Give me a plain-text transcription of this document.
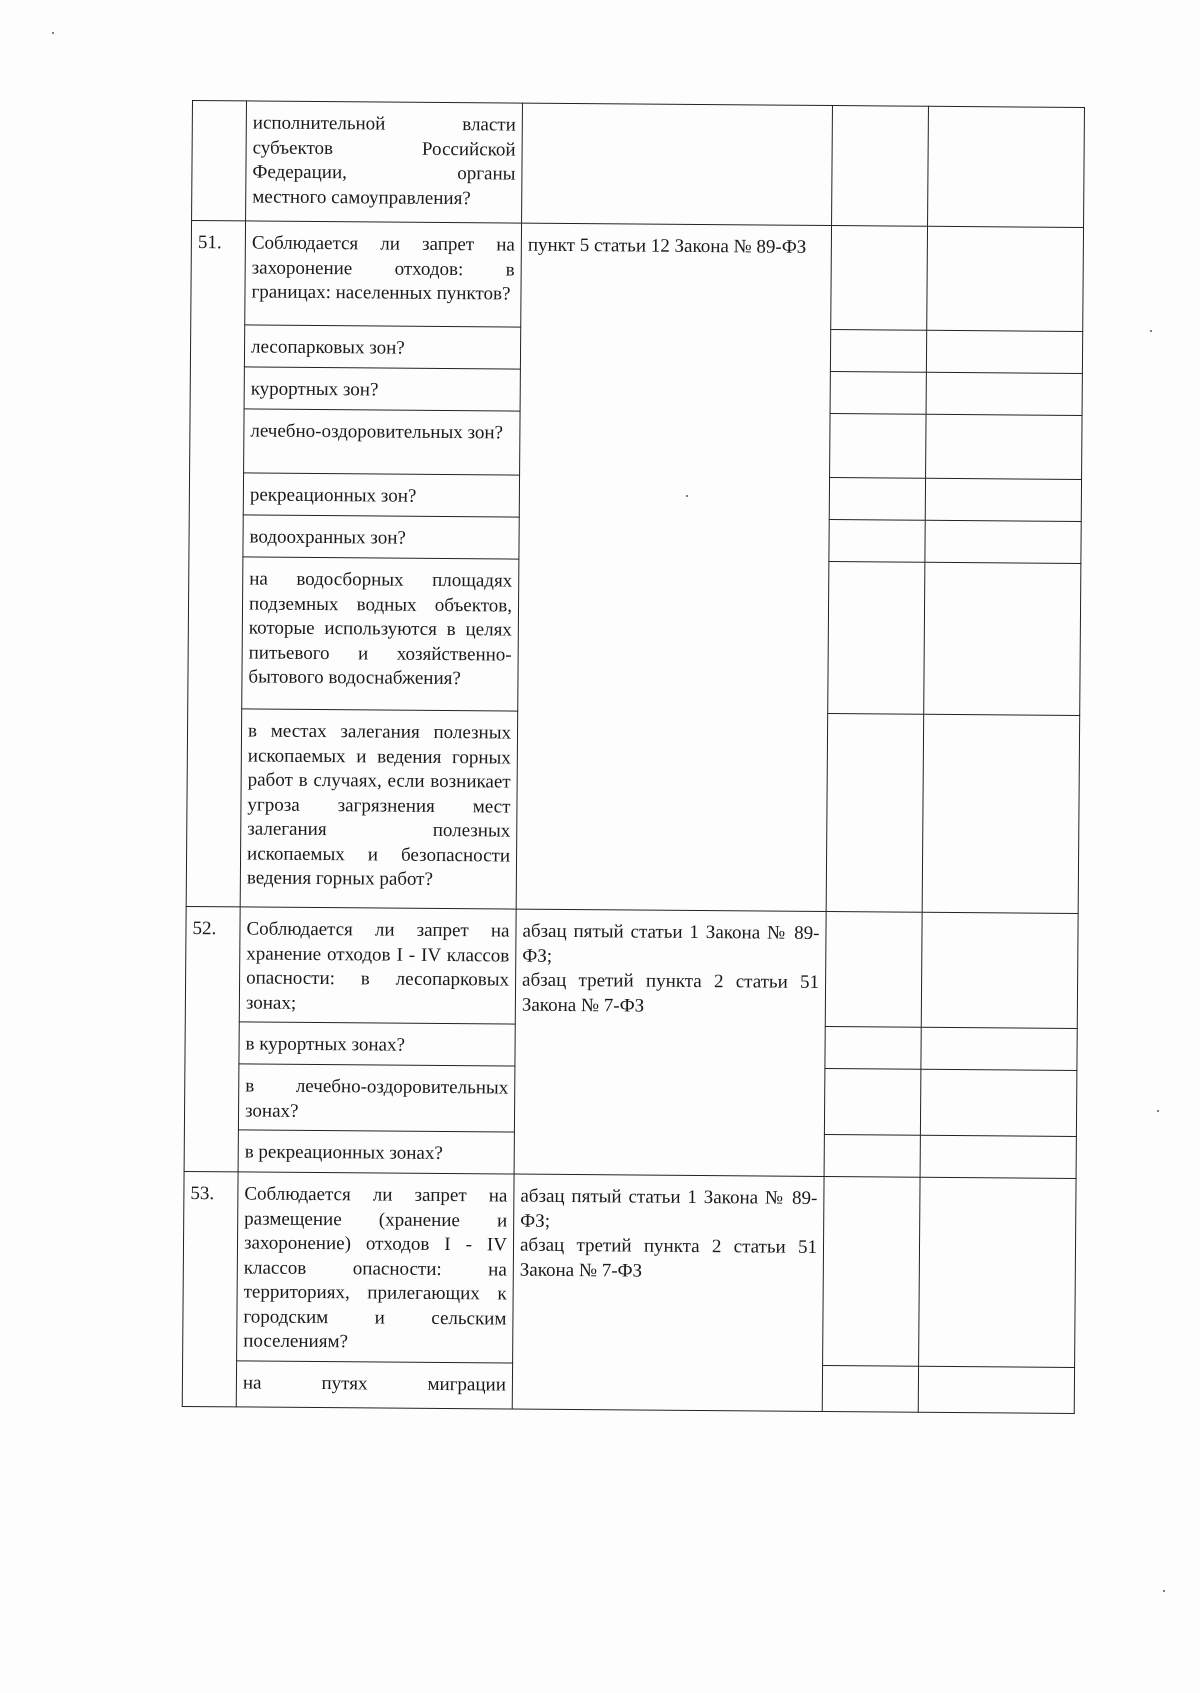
	исполнительной власти
субъектов Российской
Федерации, органы
местного самоуправления?			

51.	Соблюдается ли запрет на захоронение отходов: в границах: населенных пунктов?	пункт 5 статьи 12 Закона № 89-ФЗ		
	лесопарковых зон?			
	курортных зон?			
	лечебно-оздоровительных зон?			
	рекреационных зон?			
	водоохранных зон?			
	на водосборных площадях подземных водных объектов, которые используются в целях питьевого и хозяйственно-бытового водоснабжения?			
	в местах залегания полезных ископаемых и ведения горных работ в случаях, если возникает угроза загрязнения мест залегания полезных ископаемых и безопасности ведения горных работ?			
52.	Соблюдается ли запрет на хранение отходов I - IV классов опасности: в лесопарковых зонах;	абзац пятый статьи 1 Закона № 89-ФЗ;
абзац третий пункта 2 статьи 51 Закона № 7-ФЗ		

	в курортных зонах?			
	в лечебно-оздоровительных зонах?			
	в рекреационных зонах?			
53.	Соблюдается ли запрет на размещение (хранение и захоронение) отходов I - IV классов опасности: на территориях, прилегающих к городским и сельским поселениям?	абзац пятый статьи 1 Закона № 89-ФЗ;
абзац третий пункта 2 статьи 51 Закона № 7-ФЗ		

	на путях миграции			
